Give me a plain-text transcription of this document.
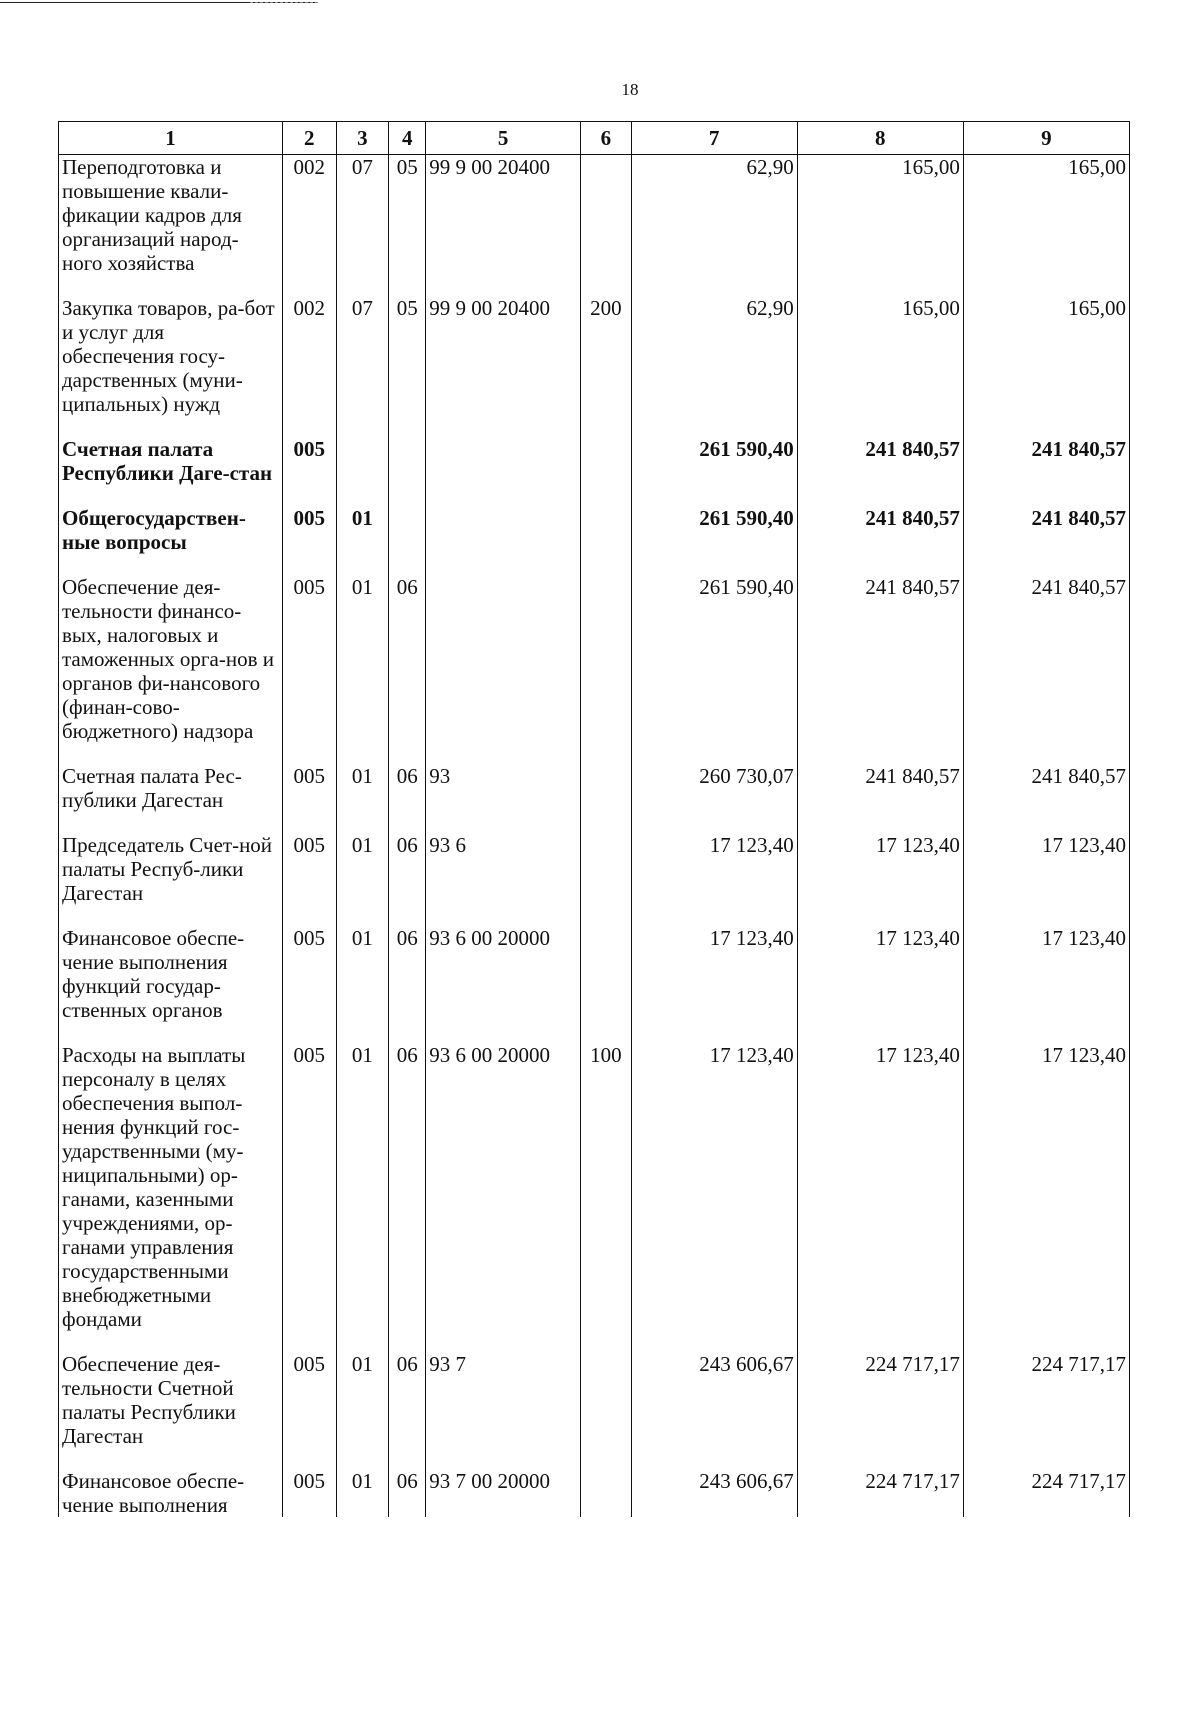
18
1	2	3	4	5	6	7	8	9
Переподготовка и повышение квали-фикации кадров для организаций народ-ного хозяйства	002	07	05	99 9 00 20400		62,90	165,00	165,00
Закупка товаров, ра-бот и услуг для обеспечения госу-дарственных (муни-ципальных) нужд	002	07	05	99 9 00 20400	200	62,90	165,00	165,00
Счетная палата Республики Даге-стан	005					261 590,40	241 840,57	241 840,57
Общегосударствен-ные вопросы	005	01				261 590,40	241 840,57	241 840,57
Обеспечение дея-тельности финансо-вых, налоговых и таможенных орга-нов и органов фи-нансового (финан-сово-бюджетного) надзора	005	01	06			261 590,40	241 840,57	241 840,57
Счетная палата Рес-публики Дагестан	005	01	06	93		260 730,07	241 840,57	241 840,57
Председатель Счет-ной палаты Респуб-лики Дагестан	005	01	06	93 6		17 123,40	17 123,40	17 123,40
Финансовое обеспе-чение выполнения функций государ-ственных органов	005	01	06	93 6 00 20000		17 123,40	17 123,40	17 123,40
Расходы на выплаты персоналу в целях обеспечения выпол-нения функций гос-ударственными (му-ниципальными) ор-ганами, казенными учреждениями, ор-ганами управления государственными внебюджетными фондами	005	01	06	93 6 00 20000	100	17 123,40	17 123,40	17 123,40
Обеспечение дея-тельности Счетной палаты Республики Дагестан	005	01	06	93 7		243 606,67	224 717,17	224 717,17
Финансовое обеспе-чение выполнения	005	01	06	93 7 00 20000		243 606,67	224 717,17	224 717,17
